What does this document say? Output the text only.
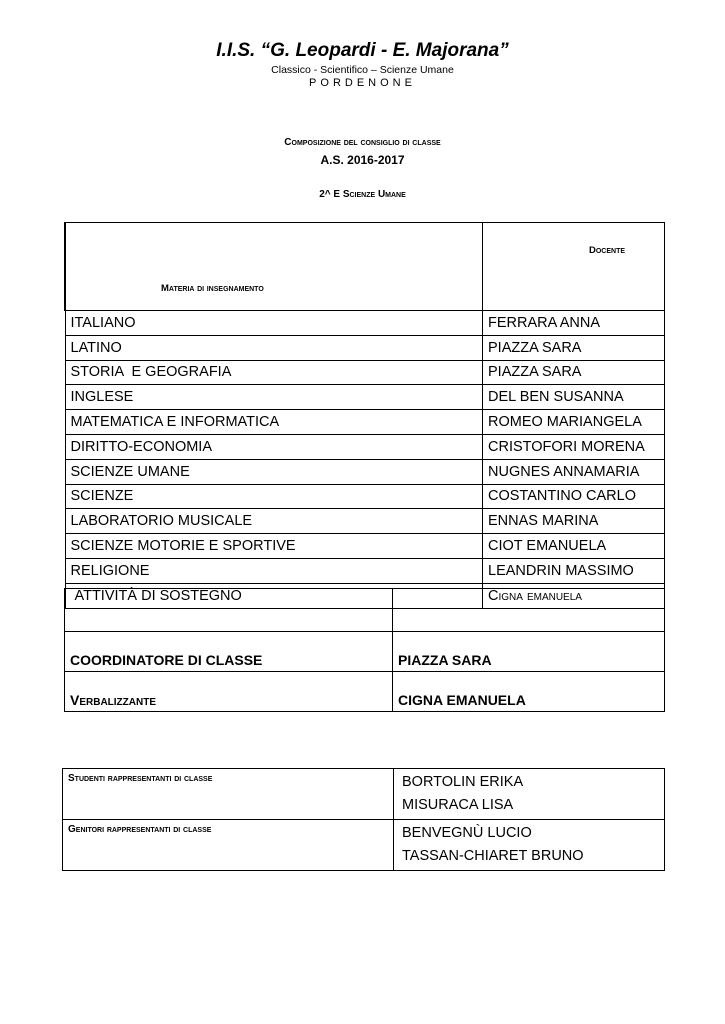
I.I.S. “G. Leopardi - E. Majorana”
Classico - Scientifico – Scienze Umane
PORDENONE
Composizione del consiglio di classe
A.S. 2016-2017
2^ E Scienze Umane
Materia di insegnamento	Docente
ITALIANO	FERRARA ANNA
LATINO	PIAZZA SARA
STORIA  E GEOGRAFIA	PIAZZA SARA
INGLESE	DEL BEN SUSANNA
MATEMATICA E INFORMATICA	ROMEO MARIANGELA
DIRITTO-ECONOMIA	CRISTOFORI MORENA
SCIENZE UMANE	NUGNES ANNAMARIA
SCIENZE	COSTANTINO CARLO
LABORATORIO MUSICALE	ENNAS MARINA
SCIENZE MOTORIE E SPORTIVE	CIOT EMANUELA
RELIGIONE	LEANDRIN MASSIMO
ATTIVITÀ DI SOSTEGNO	Cigna emanuela

COORDINATORE DI CLASSE	PIAZZA SARA
Verbalizzante	CIGNA EMANUELA
Studenti rappresentanti di classe	BORTOLIN ERIKA
MISURACA LISA

Genitori rappresentanti di classe	BENVEGNÙ LUCIO
TASSAN-CHIARET BRUNO
